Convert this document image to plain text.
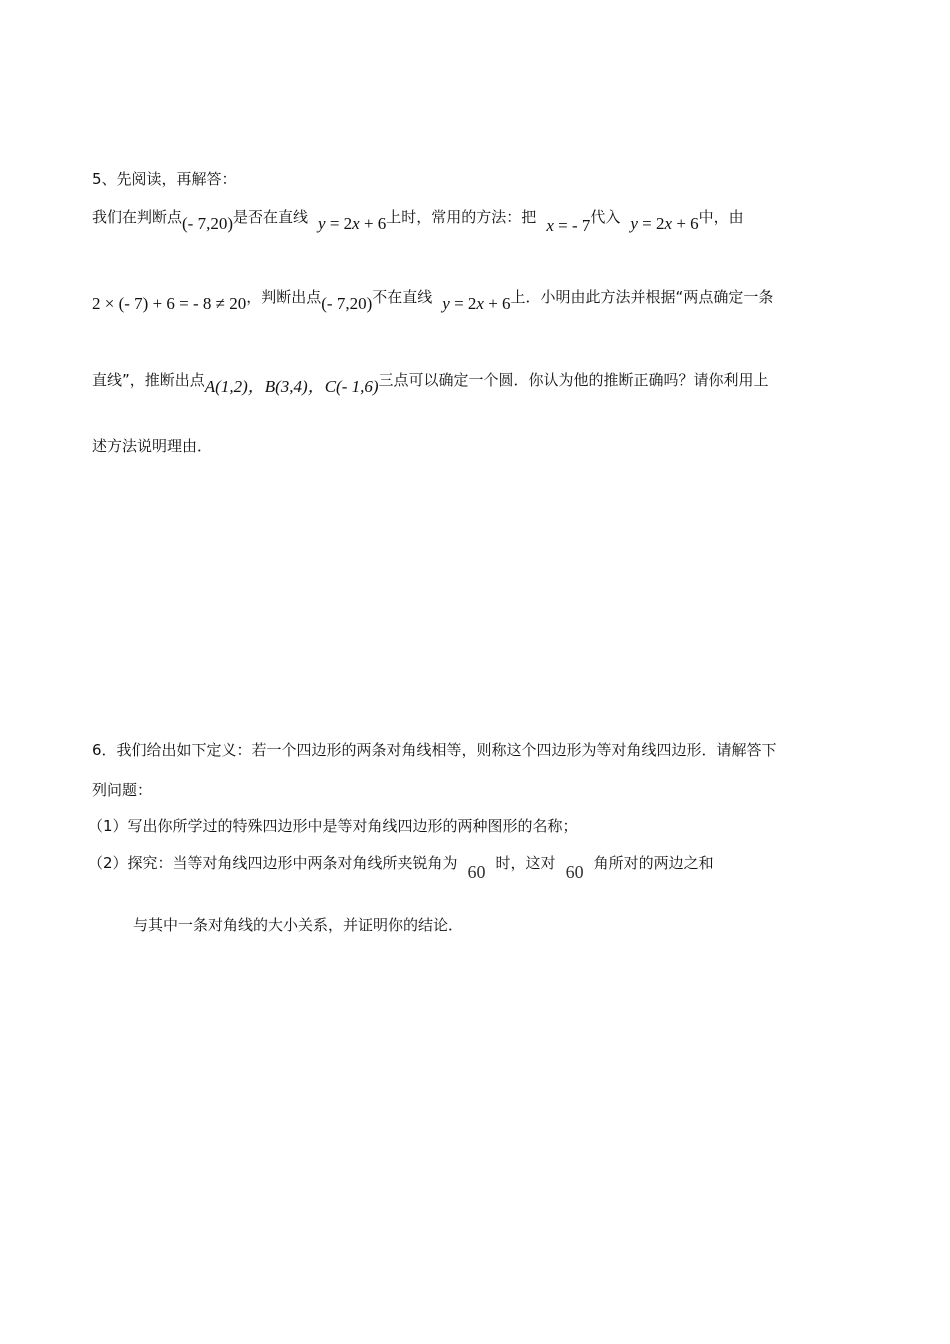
5、先阅读，再解答：
我们在判断点(- 7,20)是否在直线 y = 2x + 6上时，常用的方法：把 x = - 7代入 y = 2x + 6中，由
2 × (- 7) + 6 = - 8 ≠ 20，判断出点(- 7,20)不在直线 y = 2x + 6上．小明由此方法并根据“两点确定一条
直线”，推断出点A(1,2)，B(3,4)，C(- 1,6)三点可以确定一个圆．你认为他的推断正确吗？请你利用上
述方法说明理由．
6．我们给出如下定义：若一个四边形的两条对角线相等，则称这个四边形为等对角线四边形．请解答下
列问题：
（1）写出你所学过的特殊四边形中是等对角线四边形的两种图形的名称；
（2）探究：当等对角线四边形中两条对角线所夹锐角为 60 时，这对 60 角所对的两边之和
与其中一条对角线的大小关系，并证明你的结论．
